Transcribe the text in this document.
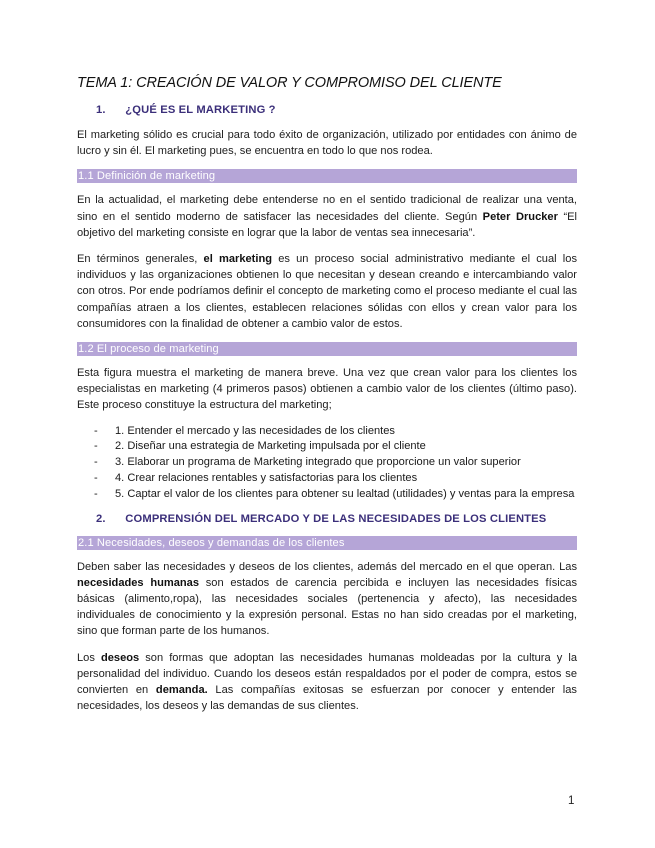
TEMA 1: CREACIÓN DE VALOR Y COMPROMISO DEL CLIENTE
1. ¿QUÉ ES EL MARKETING ?

El marketing sólido es crucial para todo éxito de organización, utilizado por entidades con ánimo de lucro y sin él. El marketing pues, se encuentra en todo lo que nos rodea.

1.1 Definición de marketing

En la actualidad, el marketing debe entenderse no en el sentido tradicional de realizar una venta, sino en el sentido moderno de satisfacer las necesidades del cliente. Según Peter Drucker “El objetivo del marketing consiste en lograr que la labor de ventas sea innecesaria”.

En términos generales, el marketing es un proceso social administrativo mediante el cual los individuos y las organizaciones obtienen lo que necesitan y desean creando e intercambiando valor con otros. Por ende podríamos definir el concepto de marketing como el proceso mediante el cual las compañías atraen a los clientes, establecen relaciones sólidas con ellos y crean valor para los consumidores con la finalidad de obtener a cambio valor de estos.

1.2 El proceso de marketing

Esta figura muestra el marketing de manera breve. Una vez que crean valor para los clientes los especialistas en marketing (4 primeros pasos) obtienen a cambio valor de los clientes (último paso). Este proceso constituye la estructura del marketing;

- 1. Entender el mercado y las necesidades de los clientes
- 2. Diseñar una estrategia de Marketing impulsada por el cliente
- 3. Elaborar un programa de Marketing integrado que proporcione un valor superior
- 4. Crear relaciones rentables y satisfactorias para los clientes
- 5. Captar el valor de los clientes para obtener su lealtad (utilidades) y ventas para la empresa
2. COMPRENSIÓN DEL MERCADO Y DE LAS NECESIDADES DE LOS CLIENTES
2.1 Necesidades, deseos y demandas de los clientes

Deben saber las necesidades y deseos de los clientes, además del mercado en el que operan. Las necesidades humanas son estados de carencia percibida e incluyen las necesidades físicas básicas (alimento,ropa), las necesidades sociales (pertenencia y afecto), las necesidades individuales de conocimiento y la expresión personal. Estas no han sido creadas por el marketing, sino que forman parte de los humanos.

Los deseos son formas que adoptan las necesidades humanas moldeadas por la cultura y la personalidad del individuo. Cuando los deseos están respaldados por el poder de compra, estos se convierten en demanda. Las compañías exitosas se esfuerzan por conocer y entender las necesidades, los deseos y las demandas de sus clientes.

1
